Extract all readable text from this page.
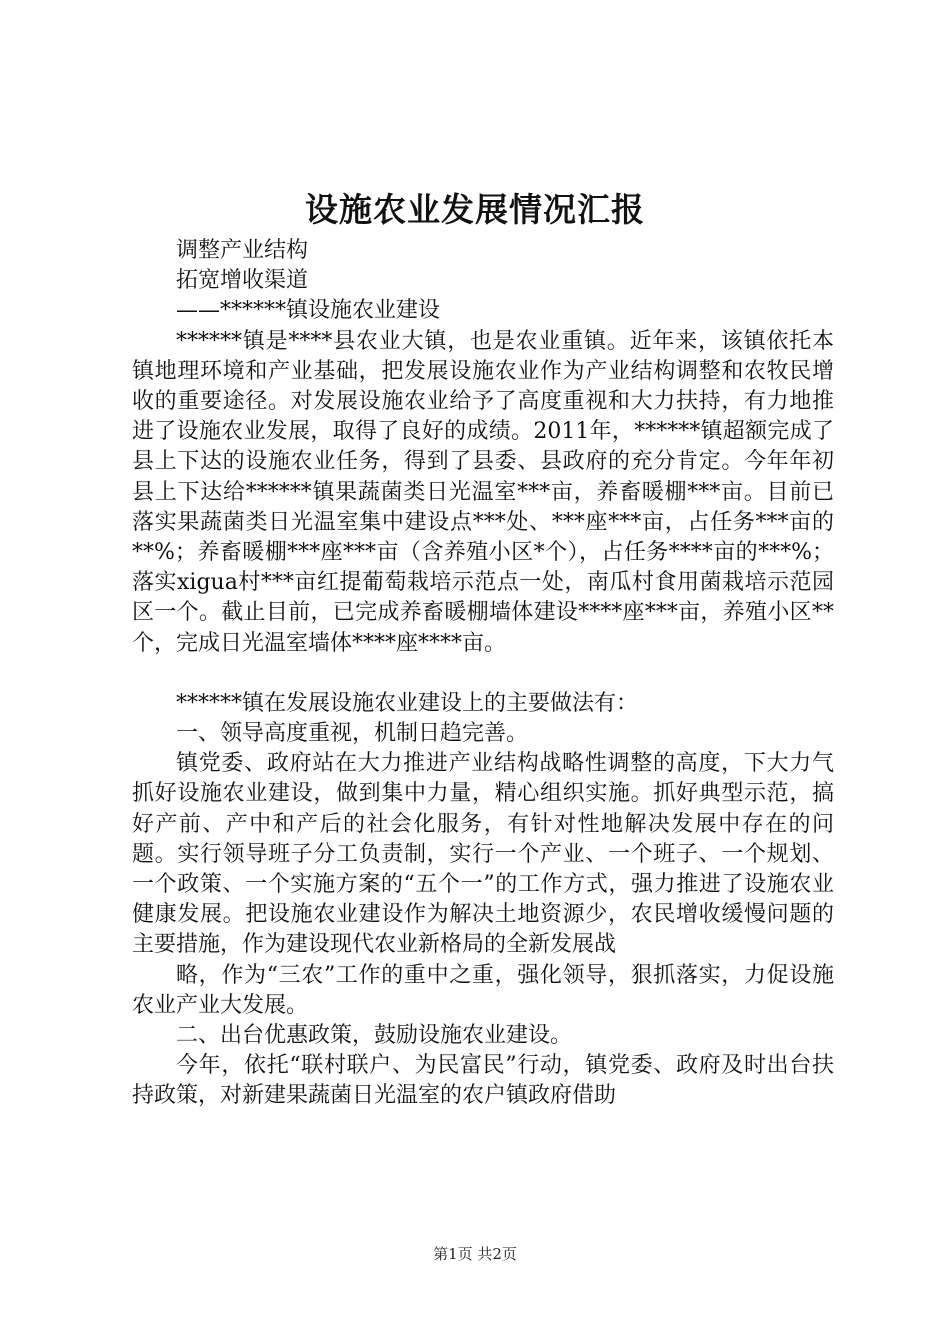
设施农业发展情况汇报

调整产业结构

拓宽增收渠道

——******镇设施农业建设

******镇是****县农业大镇，也是农业重镇。近年来，该镇依托本镇地理环境和产业基础，把发展设施农业作为产业结构调整和农牧民增收的重要途径。对发展设施农业给予了高度重视和大力扶持，有力地推进了设施农业发展，取得了良好的成绩。2011年，******镇超额完成了县上下达的设施农业任务，得到了县委、县政府的充分肯定。今年年初县上下达给******镇果蔬菌类日光温室***亩，养畜暖棚***亩。目前已落实果蔬菌类日光温室集中建设点***处、***座***亩，占任务***亩的**%；养畜暖棚***座***亩（含养殖小区*个），占任务****亩的***%；落实xigua村***亩红提葡萄栽培示范点一处，南瓜村食用菌栽培示范园区一个。截止目前，已完成养畜暖棚墙体建设****座***亩，养殖小区**个，完成日光温室墙体****座****亩。

******镇在发展设施农业建设上的主要做法有：

一、领导高度重视，机制日趋完善。

镇党委、政府站在大力推进产业结构战略性调整的高度，下大力气抓好设施农业建设，做到集中力量，精心组织实施。抓好典型示范，搞好产前、产中和产后的社会化服务，有针对性地解决发展中存在的问题。实行领导班子分工负责制，实行一个产业、一个班子、一个规划、一个政策、一个实施方案的“五个一”的工作方式，强力推进了设施农业健康发展。把设施农业建设作为解决土地资源少，农民增收缓慢问题的主要措施，作为建设现代农业新格局的全新发展战

略，作为“三农”工作的重中之重，强化领导，狠抓落实，力促设施农业产业大发展。

二、出台优惠政策，鼓励设施农业建设。

今年，依托“联村联户、为民富民”行动，镇党委、政府及时出台扶持政策，对新建果蔬菌日光温室的农户镇政府借助

第1页 共2页
